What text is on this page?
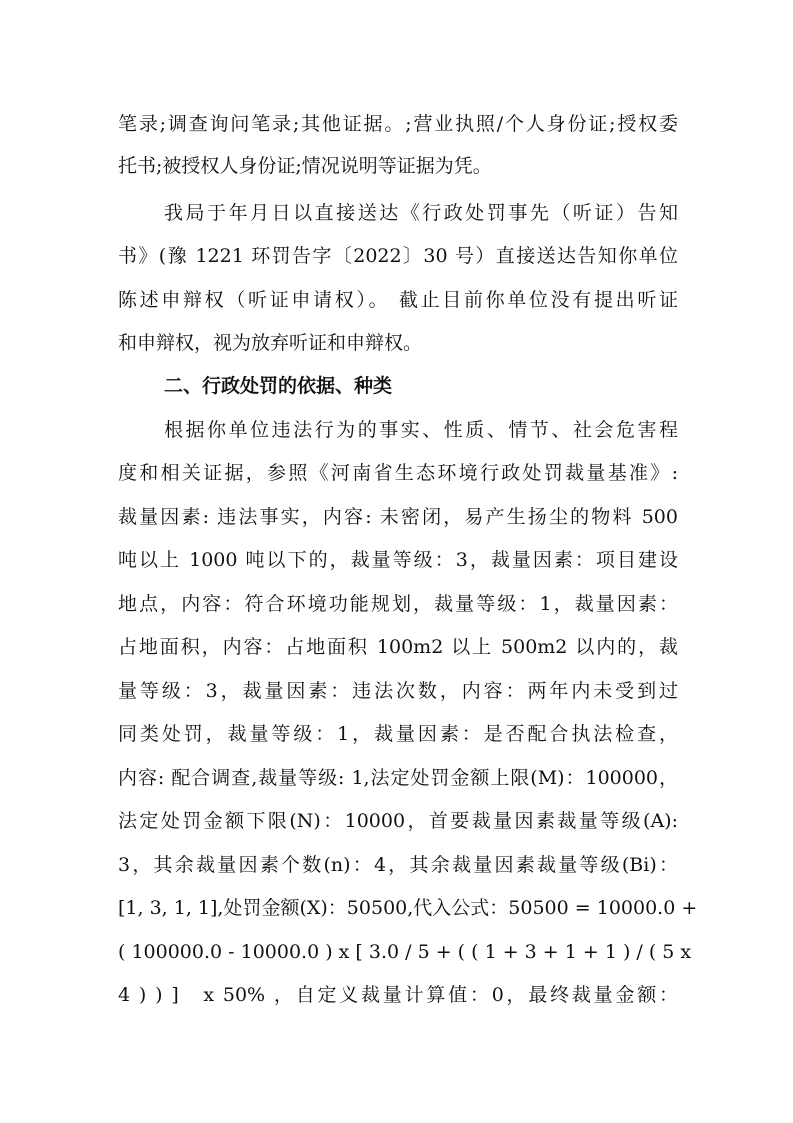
笔录;调查询问笔录;其他证据。;营业执照/个人身份证;授权委
托书;被授权人身份证;情况说明等证据为凭。
我局于年月日以直接送达《行政处罚事先（听证）告知
书》(豫 1221 环罚告字〔2022〕30 号）直接送达告知你单位
陈述申辩权（听证申请权）。 截止目前你单位没有提出听证
和申辩权，视为放弃听证和申辩权。
二、行政处罚的依据、种类
根据你单位违法行为的事实、性质、情节、社会危害程
度和相关证据，参照《河南省生态环境行政处罚裁量基准》:
裁量因素: 违法事实，内容: 未密闭，易产生扬尘的物料 500
吨以上 1000 吨以下的，裁量等级：3，裁量因素：项目建设
地点，内容：符合环境功能规划，裁量等级：1，裁量因素：
占地面积，内容：占地面积 100m2 以上 500m2 以内的，裁
量等级：3，裁量因素：违法次数，内容：两年内未受到过
同类处罚，裁量等级：1，裁量因素：是否配合执法检查，
内容: 配合调查,裁量等级: 1,法定处罚金额上限(M)：100000，
法定处罚金额下限(N)：10000，首要裁量因素裁量等级(A):
3，其余裁量因素个数(n)：4，其余裁量因素裁量等级(Bi)：
[1, 3, 1, 1],处罚金额(X)：50500,代入公式：50500 = 10000.0 +
( 100000.0 - 10000.0 ) x [ 3.0 / 5 + ( ( 1 + 3 + 1 + 1 ) / ( 5 x
4 ) ) ]　x 50% ，自定义裁量计算值：0，最终裁量金额：
